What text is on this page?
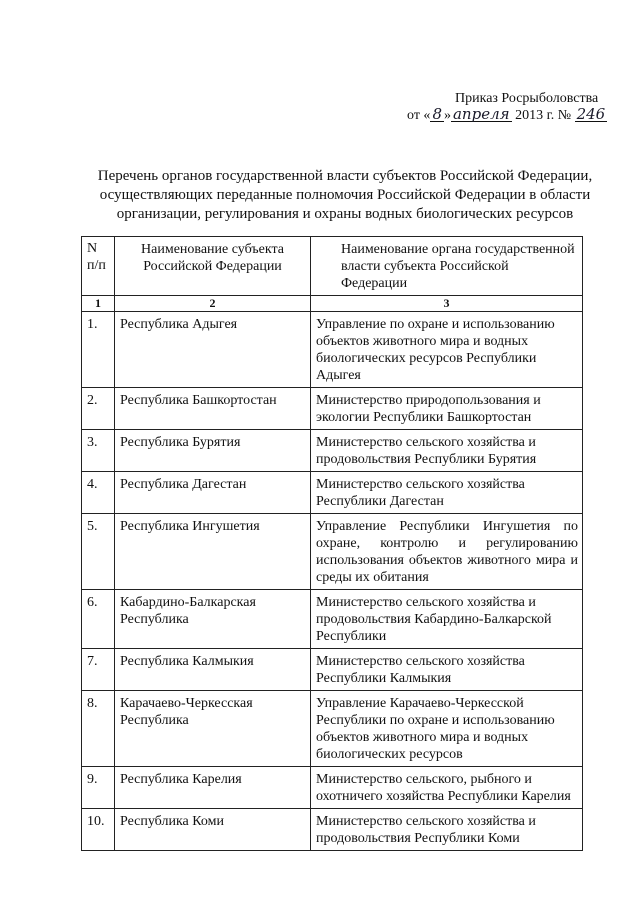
Приказ Росрыболовства
от « 8 » апреля 2013 г. № 246
Перечень органов государственной власти субъектов Российской Федерации,
осуществляющих переданные полномочия Российской Федерации в области
организации, регулирования и охраны водных биологических ресурсов
N п/п	Наименование субъекта Российской Федерации	Наименование органа государственной власти субъекта Российской Федерации
1	2	3
1.	Республика Адыгея	Управление по охране и использованию объектов животного мира и водных биологических ресурсов Республики Адыгея
2.	Республика Башкортостан	Министерство природопользования и экологии Республики Башкортостан
3.	Республика Бурятия	Министерство сельского хозяйства и продовольствия Республики Бурятия
4.	Республика Дагестан	Министерство сельского хозяйства Республики Дагестан
5.	Республика Ингушетия	Управление Республики Ингушетия по охране, контролю и регулированию использования объектов животного мира и среды их обитания
6.	Кабардино-Балкарская Республика	Министерство сельского хозяйства и продовольствия Кабардино-Балкарской Республики
7.	Республика Калмыкия	Министерство сельского хозяйства Республики Калмыкия
8.	Карачаево-Черкесская Республика	Управление Карачаево-Черкесской Республики по охране и использованию объектов животного мира и водных биологических ресурсов
9.	Республика Карелия	Министерство сельского, рыбного и охотничего хозяйства Республики Карелия
10.	Республика Коми	Министерство сельского хозяйства и продовольствия Республики Коми
